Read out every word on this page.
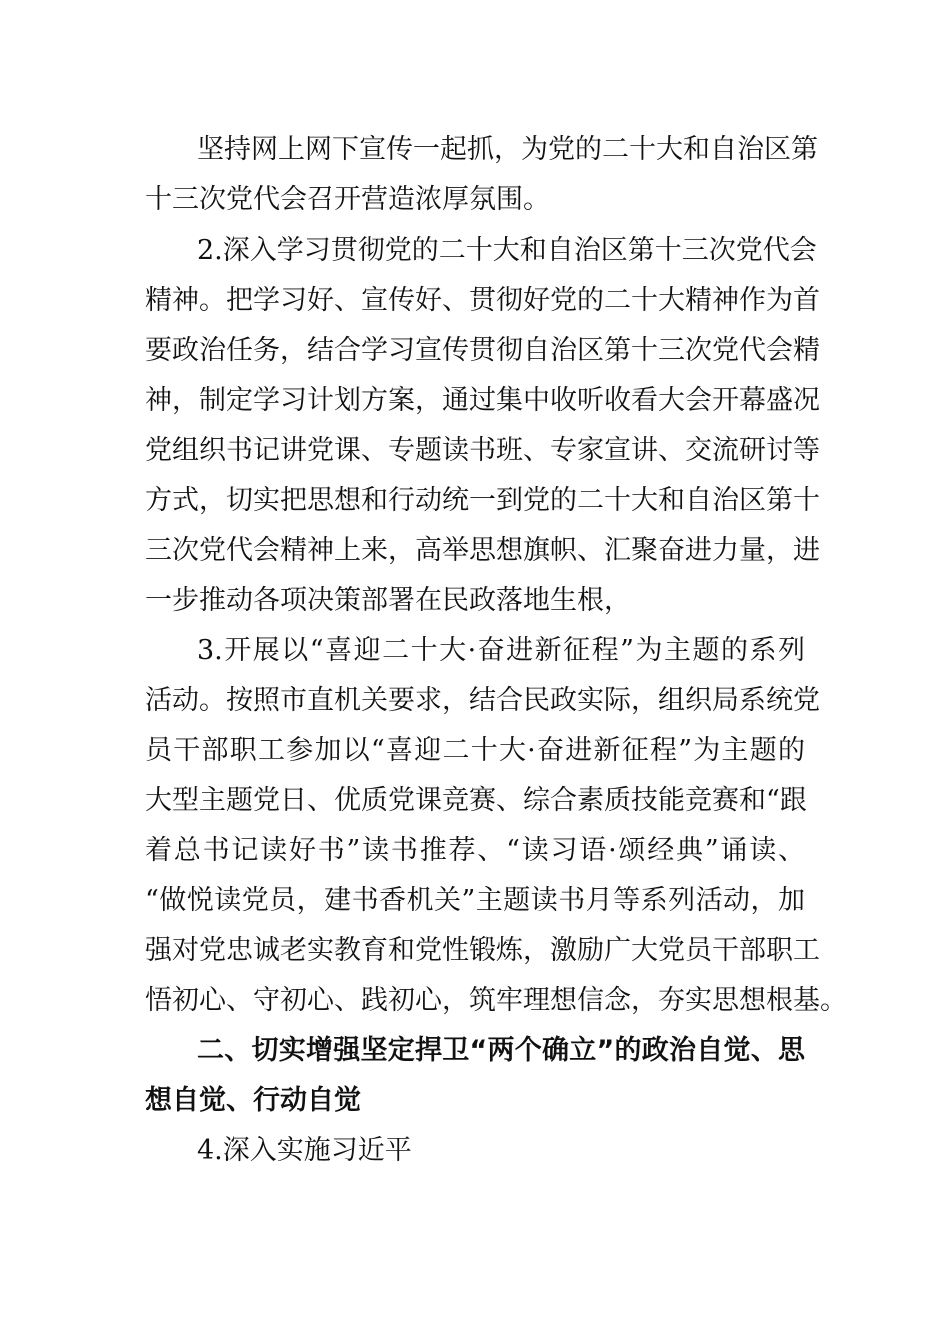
坚持网上网下宣传一起抓，为党的二十大和自治区第
十三次党代会召开营造浓厚氛围。
2.深入学习贯彻党的二十大和自治区第十三次党代会
精神。把学习好、宣传好、贯彻好党的二十大精神作为首
要政治任务，结合学习宣传贯彻自治区第十三次党代会精
神，制定学习计划方案，通过集中收听收看大会开幕盛况
党组织书记讲党课、专题读书班、专家宣讲、交流研讨等
方式，切实把思想和行动统一到党的二十大和自治区第十
三次党代会精神上来，高举思想旗帜、汇聚奋进力量，进
一步推动各项决策部署在民政落地生根，
3.开展以“喜迎二十大·奋进新征程”为主题的系列
活动。按照市直机关要求，结合民政实际，组织局系统党
员干部职工参加以“喜迎二十大·奋进新征程”为主题的
大型主题党日、优质党课竞赛、综合素质技能竞赛和“跟
着总书记读好书”读书推荐、“读习语·颂经典”诵读、
“做悦读党员，建书香机关”主题读书月等系列活动，加
强对党忠诚老实教育和党性锻炼，激励广大党员干部职工
悟初心、守初心、践初心，筑牢理想信念，夯实思想根基。
二、切实增强坚定捍卫“两个确立”的政治自觉、思
想自觉、行动自觉
4.深入实施习近平
